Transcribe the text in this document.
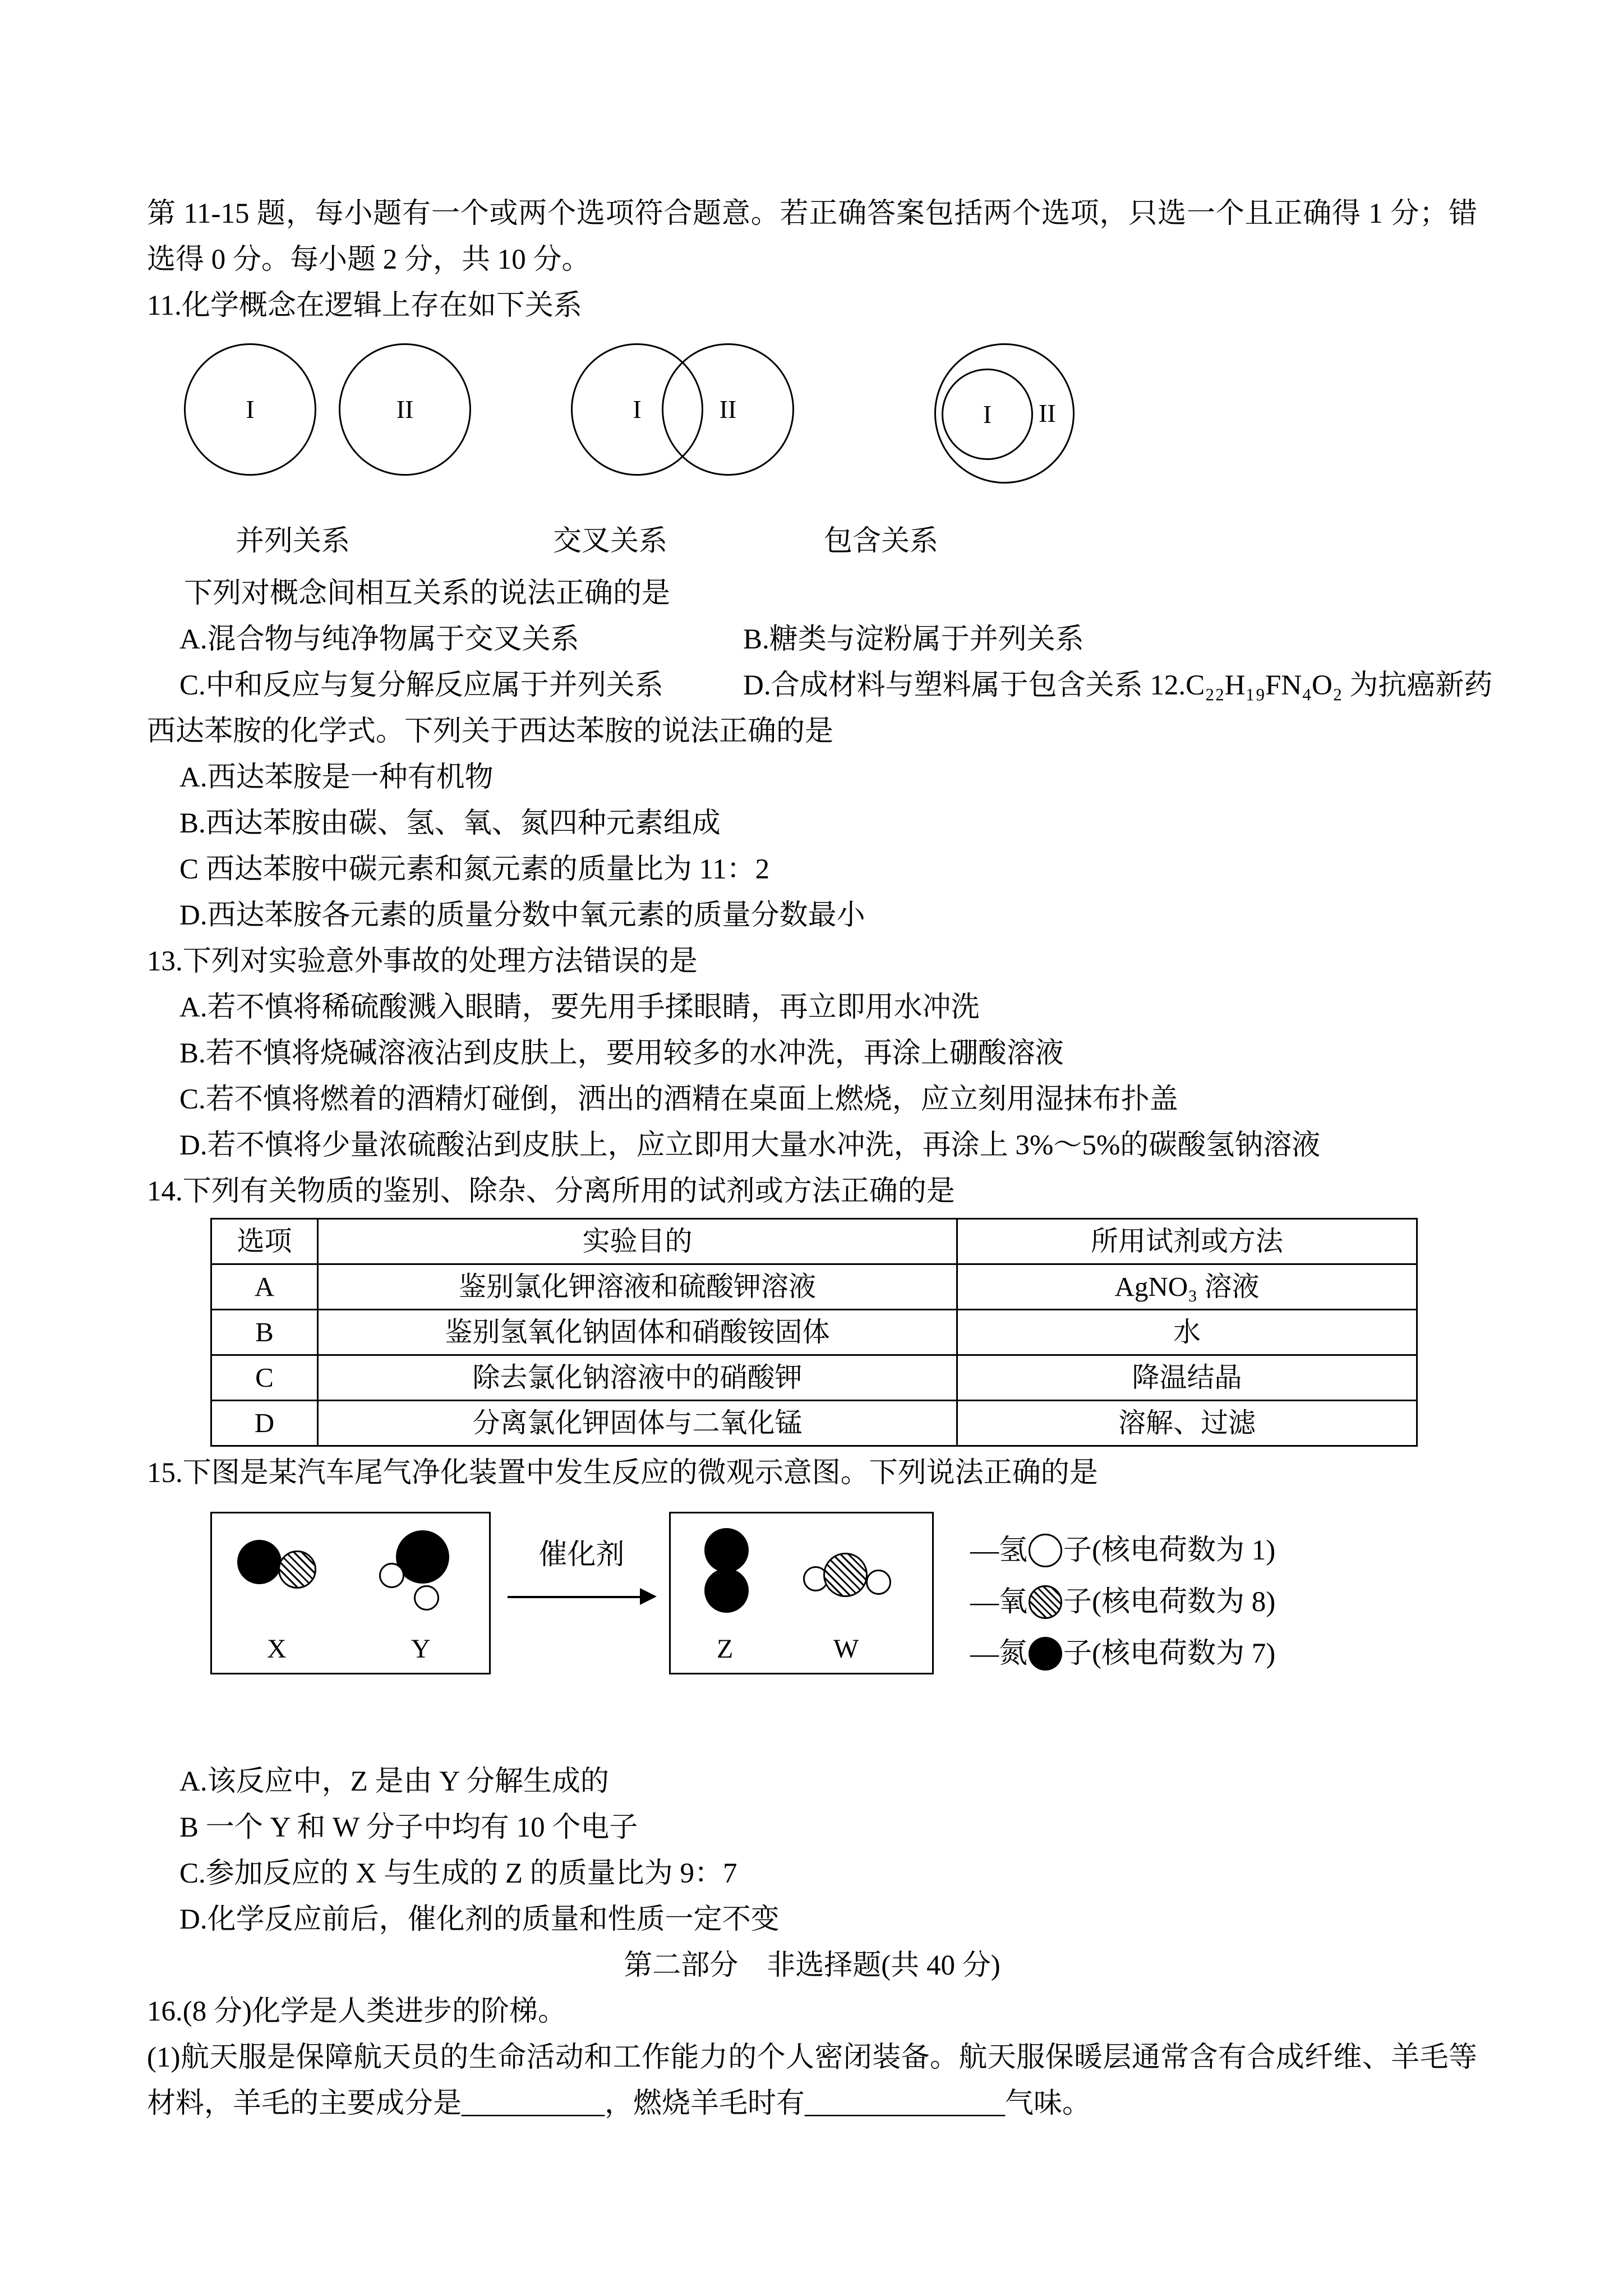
第 11-15 题，每小题有一个或两个选项符合题意。若正确答案包括两个选项，只选一个且正确得 1 分；错选得 0 分。每小题 2 分，共 10 分。

11.化学概念在逻辑上存在如下关系

I	II	I	II	I II
并列关系	交叉关系	包含关系

下列对概念间相互关系的说法正确的是

A.混合物与纯净物属于交叉关系	B.糖类与淀粉属于并列关系
C.中和反应与复分解反应属于并列关系	D.合成材料与塑料属于包含关系 12.C₂₂H₁₉FN₄O₂ 为抗癌新药

西达苯胺的化学式。下列关于西达苯胺的说法正确的是

A.西达苯胺是一种有机物

B.西达苯胺由碳、氢、氧、氮四种元素组成

C 西达苯胺中碳元素和氮元素的质量比为 11：2

D.西达苯胺各元素的质量分数中氧元素的质量分数最小

13.下列对实验意外事故的处理方法错误的是

A.若不慎将稀硫酸溅入眼睛，要先用手揉眼睛，再立即用水冲洗

B.若不慎将烧碱溶液沾到皮肤上，要用较多的水冲洗，再涂上硼酸溶液

C.若不慎将燃着的酒精灯碰倒，洒出的酒精在桌面上燃烧，应立刻用湿抹布扑盖

D.若不慎将少量浓硫酸沾到皮肤上，应立即用大量水冲洗，再涂上 3%～5%的碳酸氢钠溶液

14.下列有关物质的鉴别、除杂、分离所用的试剂或方法正确的是

选项	实验目的	所用试剂或方法
A	鉴别氯化钾溶液和硫酸钾溶液	AgNO₃ 溶液
B	鉴别氢氧化钠固体和硝酸铵固体	水
C	除去氯化钠溶液中的硝酸钾	降温结晶
D	分离氯化钾固体与二氧化锰	溶解、过滤

15.下图是某汽车尾气净化装置中发生反应的微观示意图。下列说法正确的是

X	Y
催化剂
Z	W
—氢 子(核电荷数为 1)
—氧 子(核电荷数为 8)
—氮 子(核电荷数为 7)

A.该反应中，Z 是由 Y 分解生成的

B 一个 Y 和 W 分子中均有 10 个电子

C.参加反应的 X 与生成的 Z 的质量比为 9：7

D.化学反应前后，催化剂的质量和性质一定不变

第二部分　非选择题(共 40 分)

16.(8 分)化学是人类进步的阶梯。

(1)航天服是保障航天员的生命活动和工作能力的个人密闭装备。航天服保暖层通常含有合成纤维、羊毛等材料，羊毛的主要成分是__________，燃烧羊毛时有______________气味。
